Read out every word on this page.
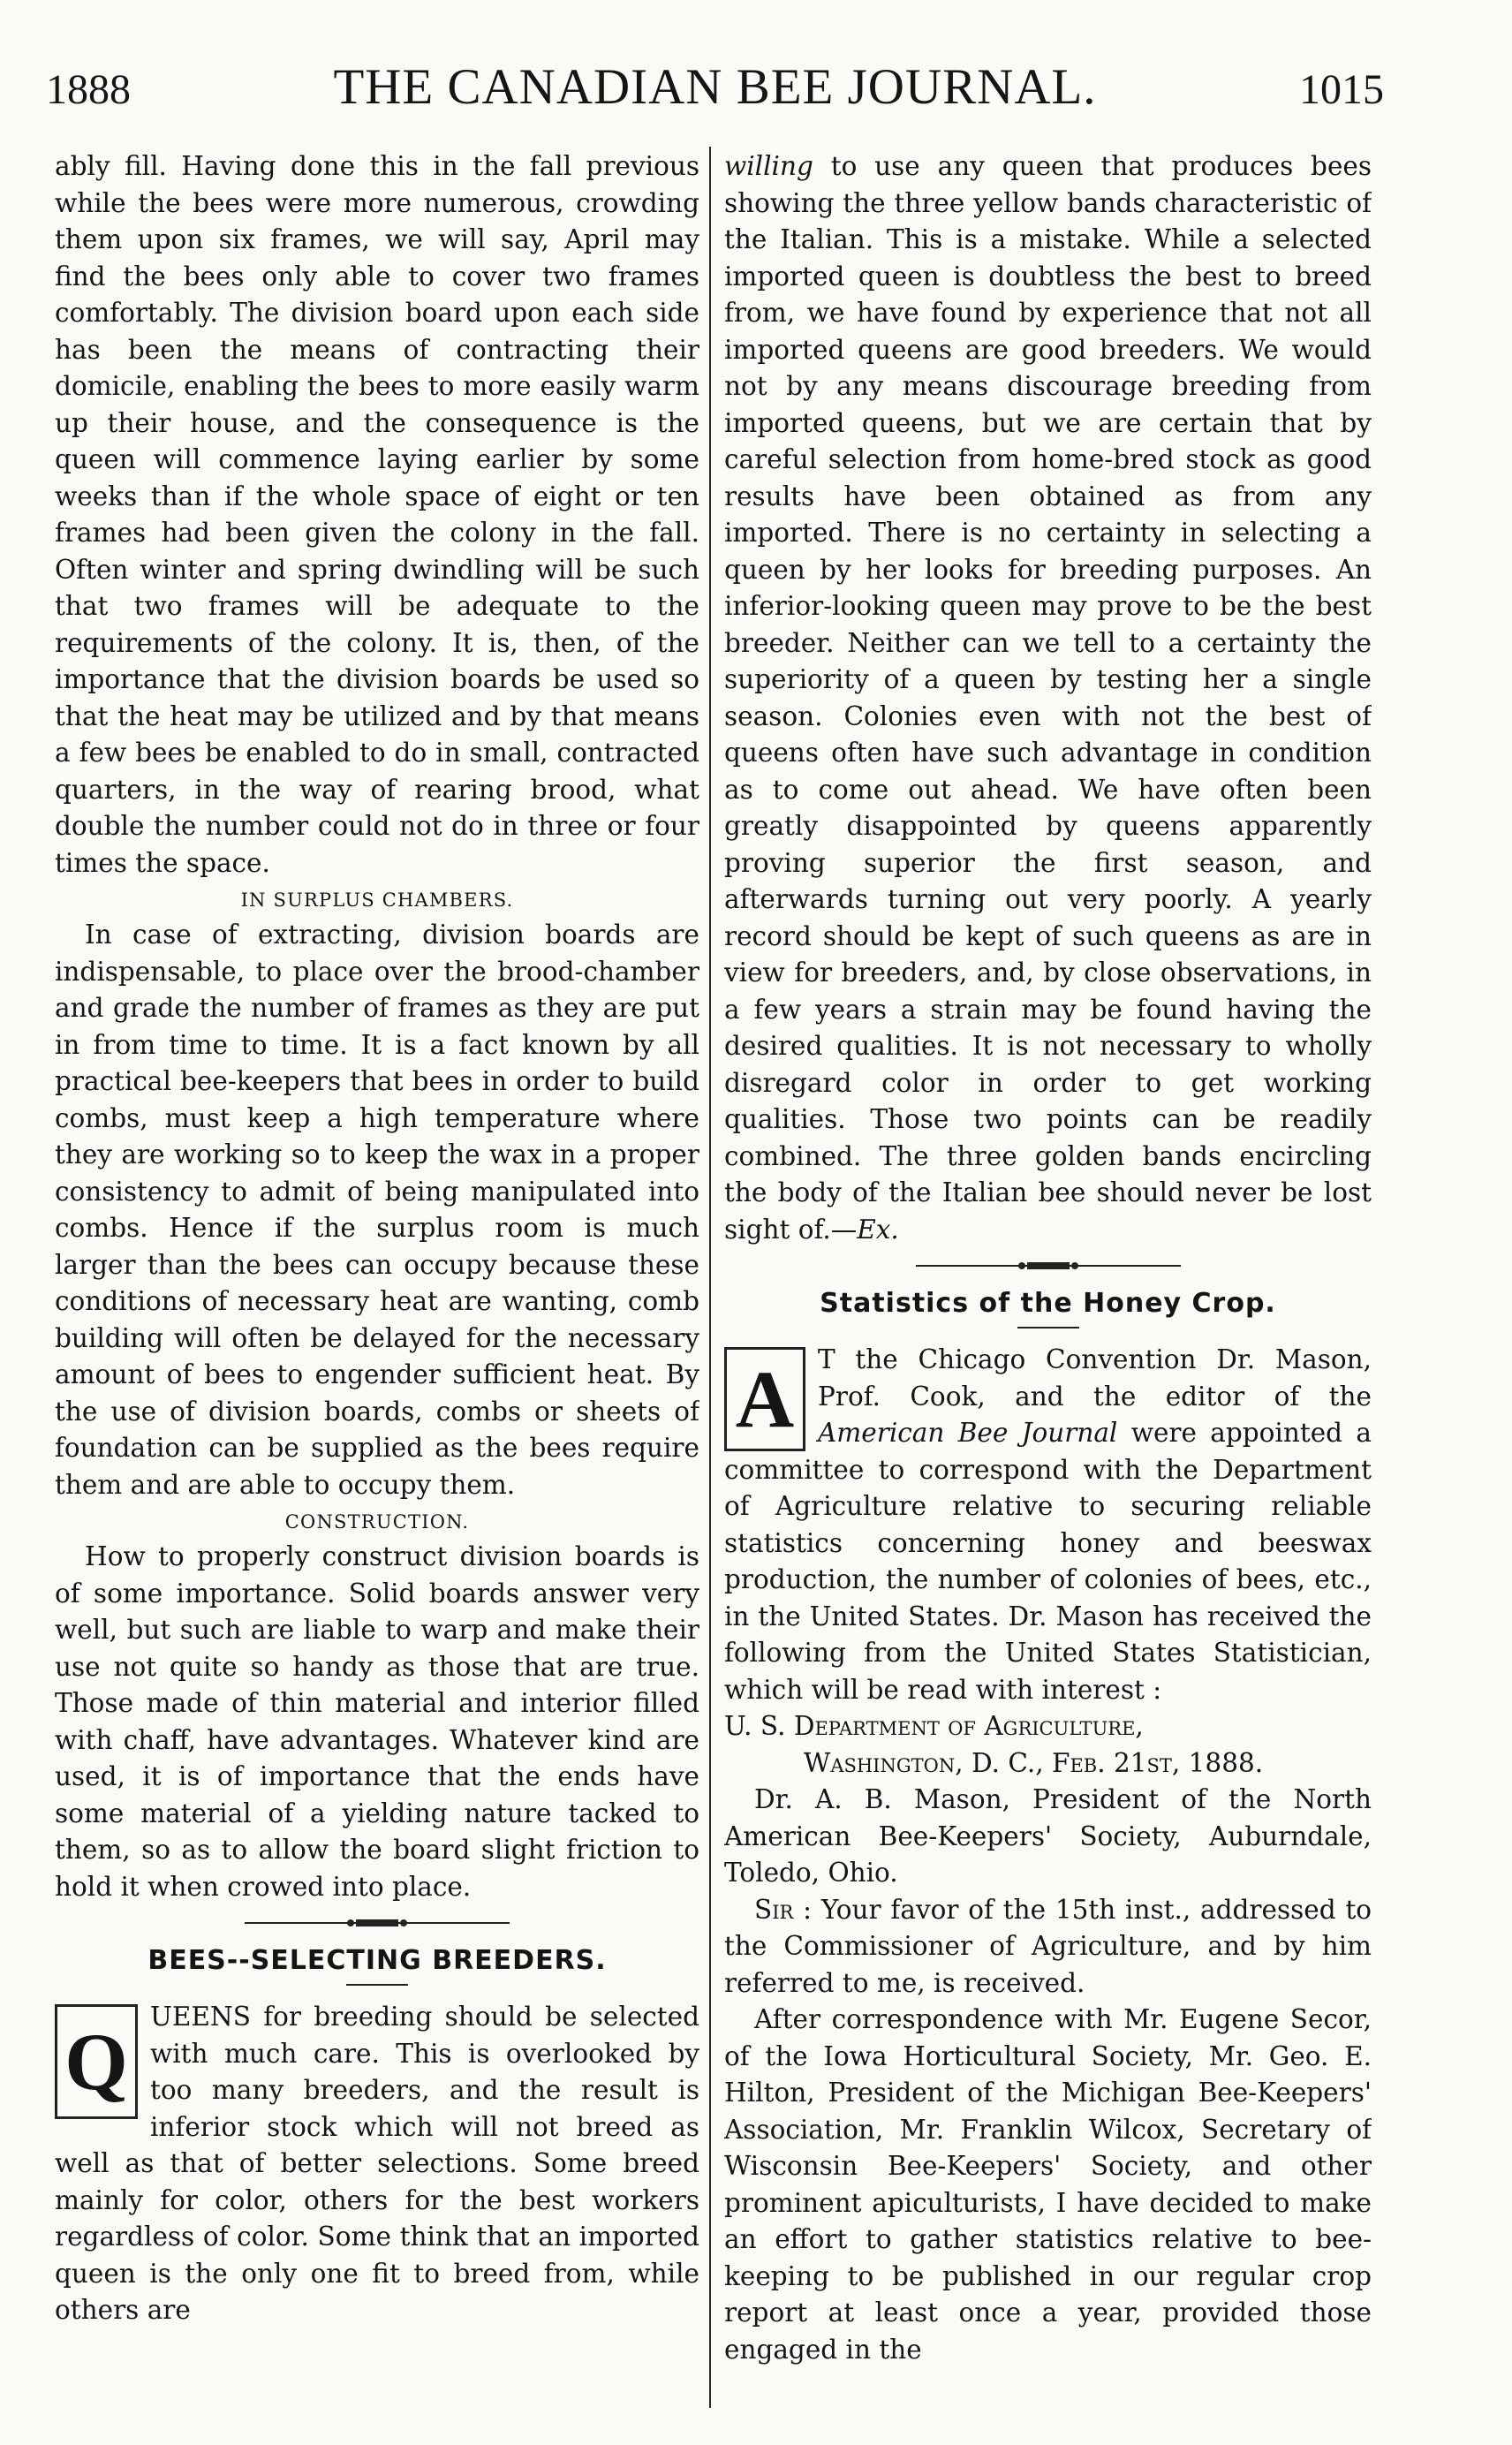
1888	THE CANADIAN BEE JOURNAL.	1015

ably fill. Having done this in the fall previous while the bees were more numerous, crowding them upon six frames, we will say, April may find the bees only able to cover two frames comfortably. The division board upon each side has been the means of contracting their domicile, enabling the bees to more easily warm up their house, and the consequence is the queen will commence laying earlier by some weeks than if the whole space of eight or ten frames had been given the colony in the fall. Often winter and spring dwindling will be such that two frames will be adequate to the requirements of the colony. It is, then, of the importance that the division boards be used so that the heat may be utilized and by that means a few bees be enabled to do in small, contracted quarters, in the way of rearing brood, what double the number could not do in three or four times the space.

IN SURPLUS CHAMBERS.

In case of extracting, division boards are indispensable, to place over the brood-chamber and grade the number of frames as they are put in from time to time. It is a fact known by all practical bee-keepers that bees in order to build combs, must keep a high temperature where they are working so to keep the wax in a proper consistency to admit of being manipulated into combs. Hence if the surplus room is much larger than the bees can occupy because these conditions of necessary heat are wanting, comb building will often be delayed for the necessary amount of bees to engender sufficient heat. By the use of division boards, combs or sheets of foundation can be supplied as the bees require them and are able to occupy them.

CONSTRUCTION.

How to properly construct division boards is of some importance. Solid boards answer very well, but such are liable to warp and make their use not quite so handy as those that are true. Those made of thin material and interior filled with chaff, have advantages. Whatever kind are used, it is of importance that the ends have some material of a yielding nature tacked to them, so as to allow the board slight friction to hold it when crowed into place.

BEES--SELECTING BREEDERS.
Q UEENS for breeding should be selected with much care. This is overlooked by too many breeders, and the result is inferior stock which will not breed as well as that of better selections. Some breed mainly for color, others for the best workers regardless of color. Some think that an imported queen is the only one fit to breed from, while others are

willing to use any queen that produces bees showing the three yellow bands characteristic of the Italian. This is a mistake. While a selected imported queen is doubtless the best to breed from, we have found by experience that not all imported queens are good breeders. We would not by any means discourage breeding from imported queens, but we are certain that by careful selection from home-bred stock as good results have been obtained as from any imported. There is no certainty in selecting a queen by her looks for breeding purposes. An inferior-looking queen may prove to be the best breeder. Neither can we tell to a certainty the superiority of a queen by testing her a single season. Colonies even with not the best of queens often have such advantage in condition as to come out ahead. We have often been greatly disappointed by queens apparently proving superior the first season, and afterwards turning out very poorly. A yearly record should be kept of such queens as are in view for breeders, and, by close observations, in a few years a strain may be found having the desired qualities. It is not necessary to wholly disregard color in order to get working qualities. Those two points can be readily combined. The three golden bands encircling the body of the Italian bee should never be lost sight of.—Ex.

Statistics of the Honey Crop.
A T the Chicago Convention Dr. Mason, Prof. Cook, and the editor of the American Bee Journal were appointed a committee to correspond with the Department of Agriculture relative to securing reliable statistics concerning honey and beeswax production, the number of colonies of bees, etc., in the United States. Dr. Mason has received the following from the United States Statistician, which will be read with interest :

U. S. Department of Agriculture,

Washington, D. C., Feb. 21st, 1888.

Dr. A. B. Mason, President of the North American Bee-Keepers' Society, Auburndale, Toledo, Ohio.

Sir : Your favor of the 15th inst., addressed to the Commissioner of Agriculture, and by him referred to me, is received.

After correspondence with Mr. Eugene Secor, of the Iowa Horticultural Society, Mr. Geo. E. Hilton, President of the Michigan Bee-Keepers' Association, Mr. Franklin Wilcox, Secretary of Wisconsin Bee-Keepers' Society, and other prominent apiculturists, I have decided to make an effort to gather statistics relative to bee-keeping to be published in our regular crop report at least once a year, provided those engaged in the
